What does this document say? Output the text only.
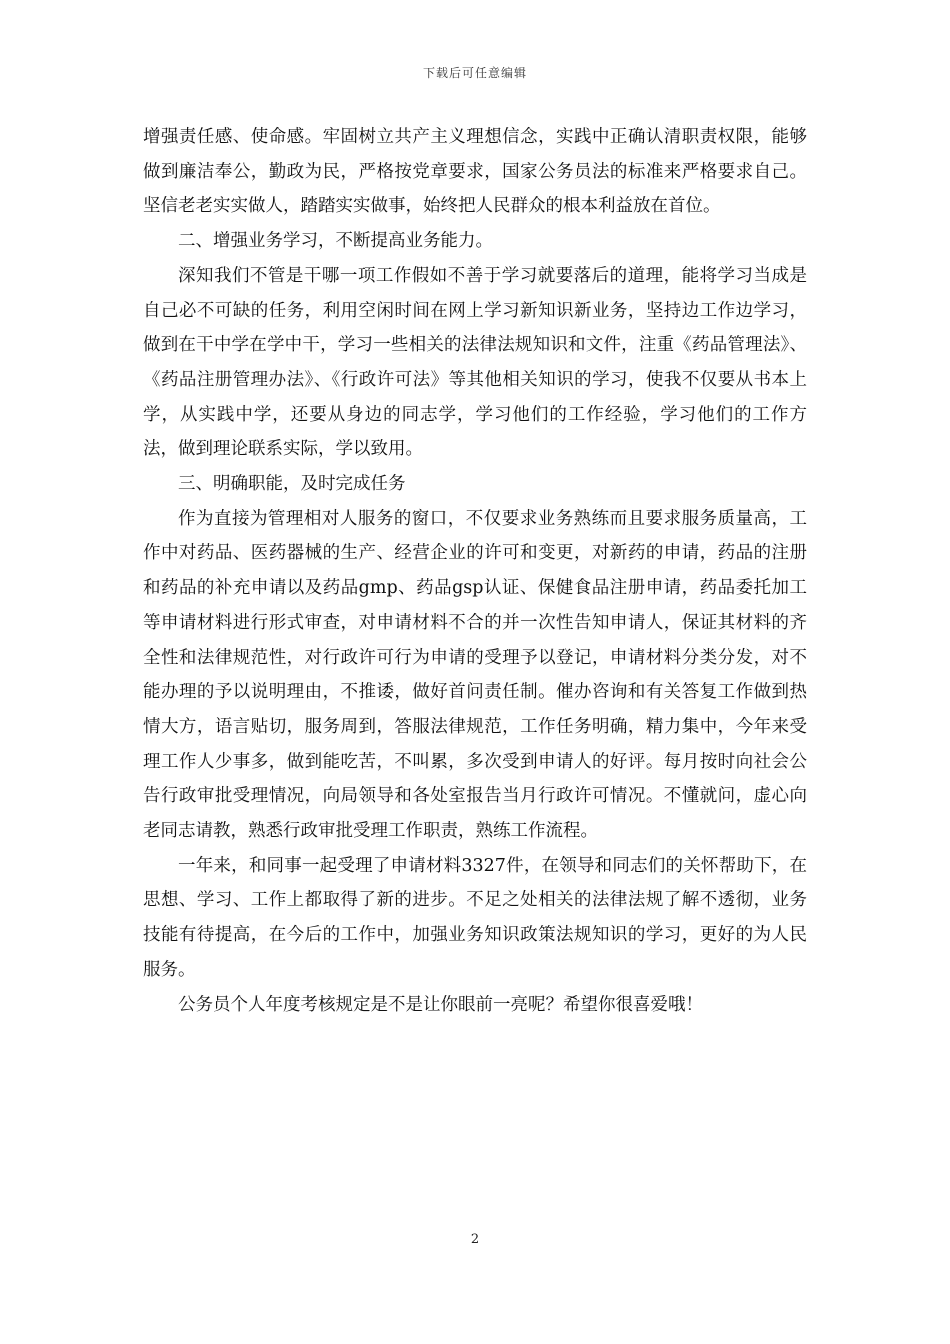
下载后可任意编辑

增强责任感、使命感。牢固树立共产主义理想信念，实践中正确认清职责权限，能够做到廉洁奉公，勤政为民，严格按党章要求，国家公务员法的标准来严格要求自己。坚信老老实实做人，踏踏实实做事，始终把人民群众的根本利益放在首位。

二、增强业务学习，不断提高业务能力。

深知我们不管是干哪一项工作假如不善于学习就要落后的道理，能将学习当成是自己必不可缺的任务，利用空闲时间在网上学习新知识新业务，坚持边工作边学习，做到在干中学在学中干，学习一些相关的法律法规知识和文件，注重《药品管理法》、《药品注册管理办法》、《行政许可法》等其他相关知识的学习，使我不仅要从书本上学，从实践中学，还要从身边的同志学，学习他们的工作经验，学习他们的工作方法，做到理论联系实际，学以致用。

三、明确职能，及时完成任务

作为直接为管理相对人服务的窗口，不仅要求业务熟练而且要求服务质量高，工作中对药品、医药器械的生产、经营企业的许可和变更，对新药的申请，药品的注册和药品的补充申请以及药品gmp、药品gsp认证、保健食品注册申请，药品委托加工等申请材料进行形式审查，对申请材料不合的并一次性告知申请人，保证其材料的齐全性和法律规范性，对行政许可行为申请的受理予以登记，申请材料分类分发，对不能办理的予以说明理由，不推诿，做好首问责任制。催办咨询和有关答复工作做到热情大方，语言贴切，服务周到，答服法律规范，工作任务明确，精力集中，今年来受理工作人少事多，做到能吃苦，不叫累，多次受到申请人的好评。每月按时向社会公告行政审批受理情况，向局领导和各处室报告当月行政许可情况。不懂就问，虚心向老同志请教，熟悉行政审批受理工作职责，熟练工作流程。

一年来，和同事一起受理了申请材料3327件，在领导和同志们的关怀帮助下，在思想、学习、工作上都取得了新的进步。不足之处相关的法律法规了解不透彻，业务技能有待提高，在今后的工作中，加强业务知识政策法规知识的学习，更好的为人民服务。

公务员个人年度考核规定是不是让你眼前一亮呢？希望你很喜爱哦！

2
